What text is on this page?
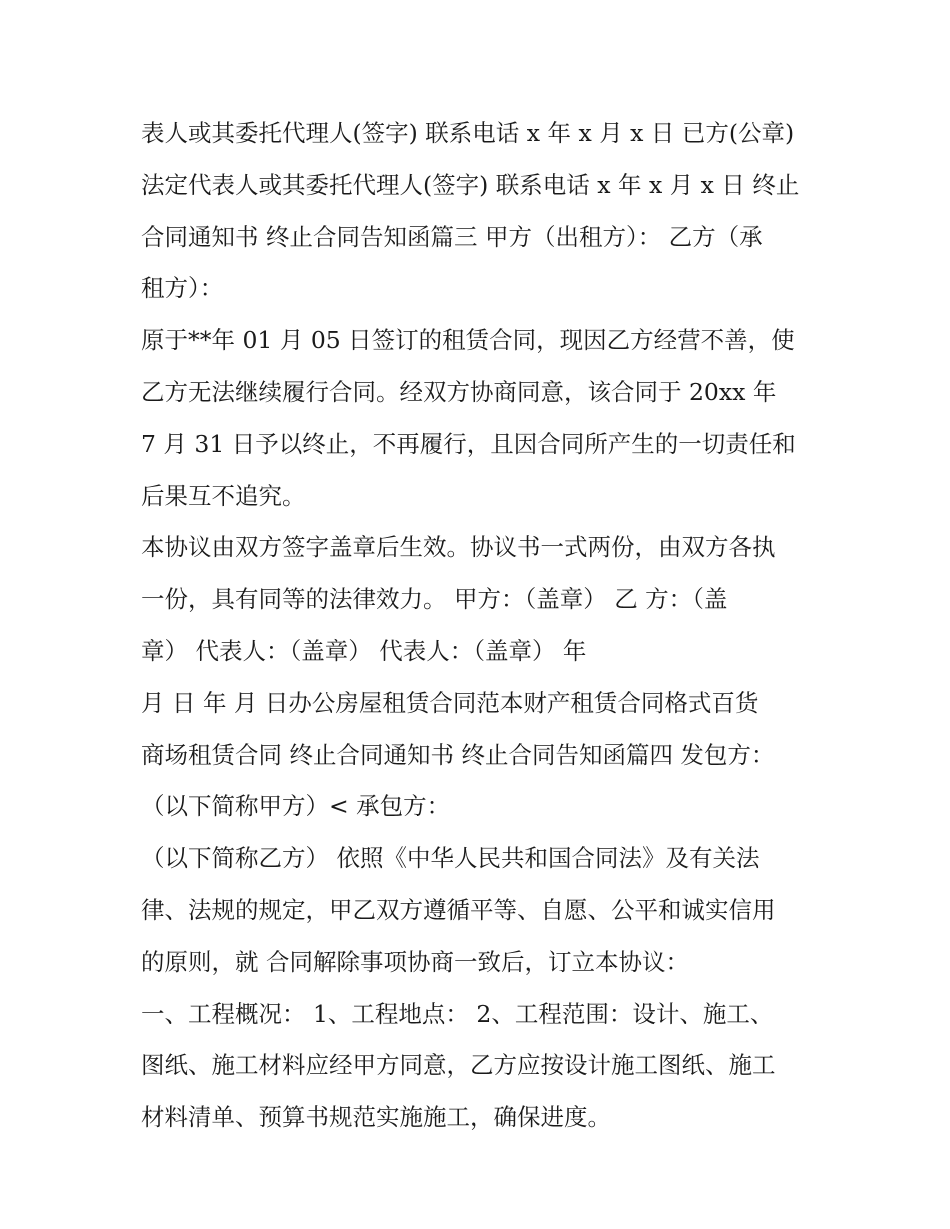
表人或其委托代理人(签字) 联系电话 x 年 x 月 x 日 已方(公章)
法定代表人或其委托代理人(签字) 联系电话 x 年 x 月 x 日 终止
合同通知书 终止合同告知函篇三 甲方（出租方）： 乙方（承
租方）：
原于**年 01 月 05 日签订的租赁合同，现因乙方经营不善，使
乙方无法继续履行合同。经双方协商同意，该合同于 20xx 年
7 月 31 日予以终止，不再履行，且因合同所产生的一切责任和
后果互不追究。
本协议由双方签字盖章后生效。协议书一式两份，由双方各执
一份，具有同等的法律效力。 甲方：（盖章） 乙 方：（盖
章） 代表人：（盖章） 代表人：（盖章） 年
月 日 年 月 日办公房屋租赁合同范本财产租赁合同格式百货
商场租赁合同 终止合同通知书 终止合同告知函篇四 发包方：
（以下简称甲方）< 承包方：
（以下简称乙方） 依照《中华人民共和国合同法》及有关法
律、法规的规定，甲乙双方遵循平等、自愿、公平和诚实信用
的原则，就 合同解除事项协商一致后，订立本协议：
一、工程概况： 1、工程地点： 2、工程范围：设计、施工、
图纸、施工材料应经甲方同意，乙方应按设计施工图纸、施工
材料清单、预算书规范实施施工，确保进度。
